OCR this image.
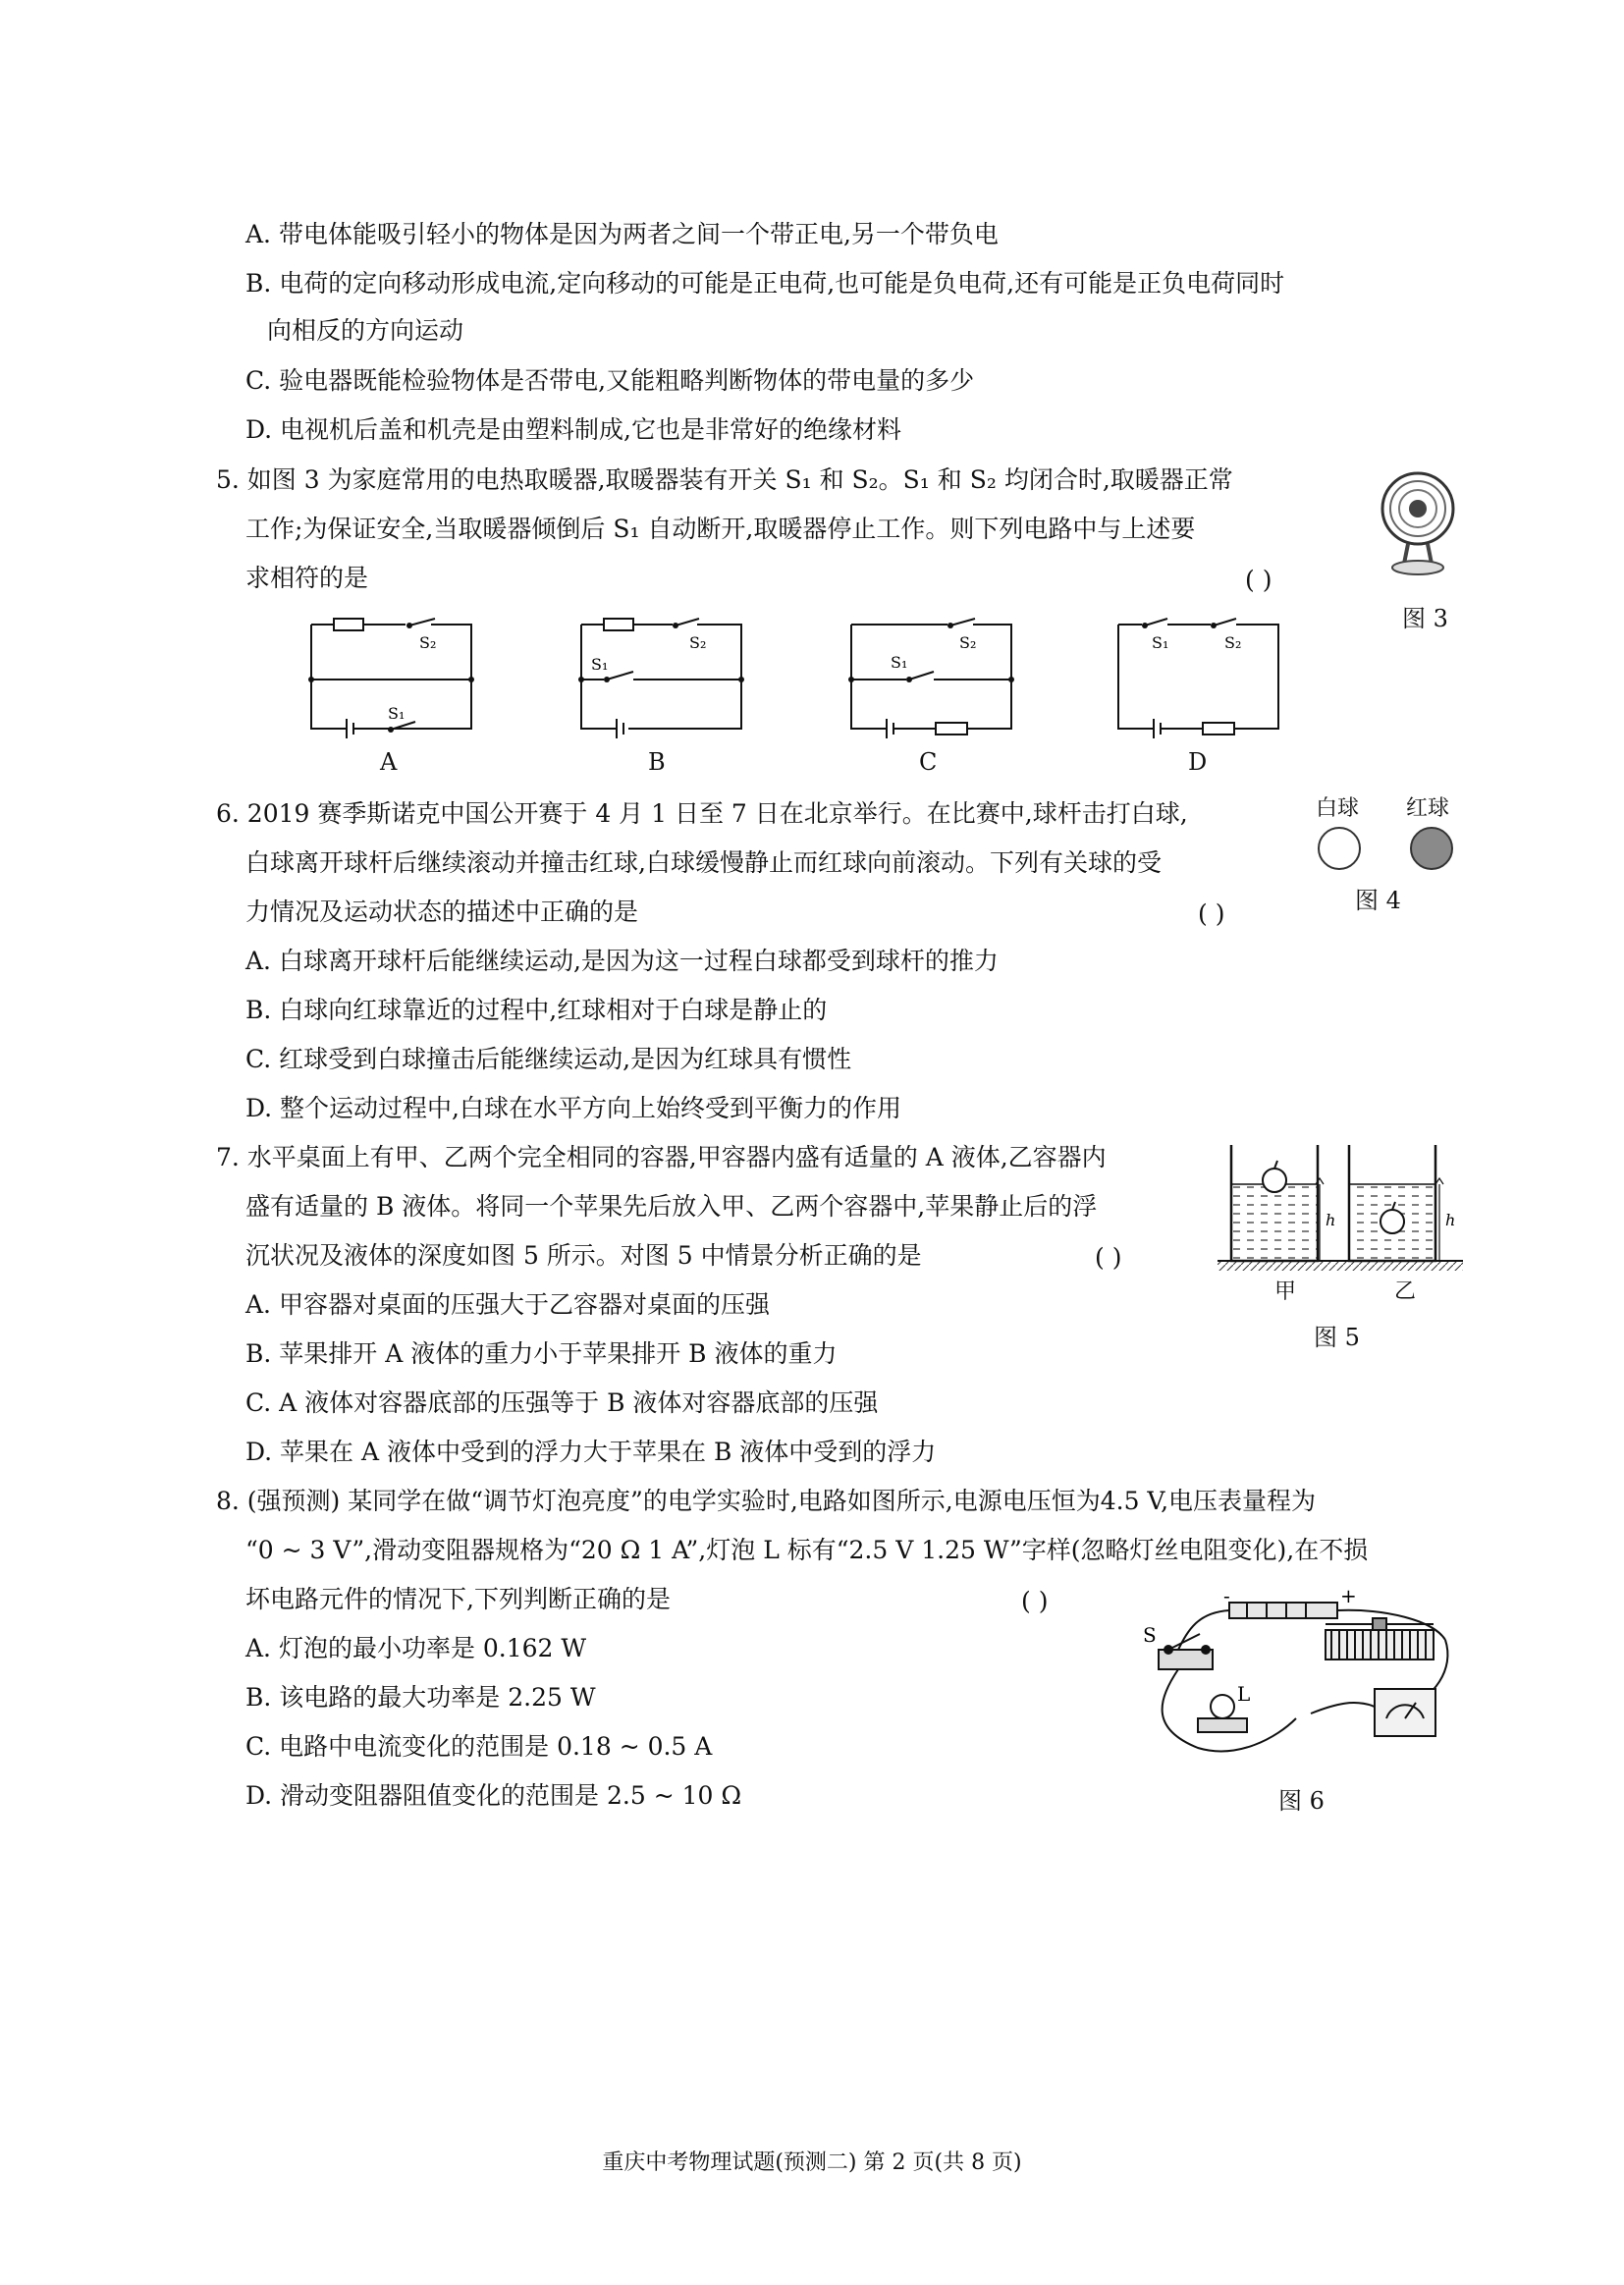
A. 带电体能吸引轻小的物体是因为两者之间一个带正电,另一个带负电
B. 电荷的定向移动形成电流,定向移动的可能是正电荷,也可能是负电荷,还有可能是正负电荷同时
向相反的方向运动
C. 验电器既能检验物体是否带电,又能粗略判断物体的带电量的多少
D. 电视机后盖和机壳是由塑料制成,它也是非常好的绝缘材料
5. 如图 3 为家庭常用的电热取暖器,取暖器装有开关 S₁ 和 S₂。S₁ 和 S₂ 均闭合时,取暖器正常
工作;为保证安全,当取暖器倾倒后 S₁ 自动断开,取暖器停止工作。则下列电路中与上述要
求相符的是	( )
图 3
S₂
S₁
A
S₂
S₁
B
S₂
S₁
C
S₁	S₂
D
6. 2019 赛季斯诺克中国公开赛于 4 月 1 日至 7 日在北京举行。在比赛中,球杆击打白球,
白球离开球杆后继续滚动并撞击红球,白球缓慢静止而红球向前滚动。下列有关球的受
力情况及运动状态的描述中正确的是	( )
A. 白球离开球杆后能继续运动,是因为这一过程白球都受到球杆的推力
B. 白球向红球靠近的过程中,红球相对于白球是静止的
C. 红球受到白球撞击后能继续运动,是因为红球具有惯性
D. 整个运动过程中,白球在水平方向上始终受到平衡力的作用
白球 红球
图 4
7. 水平桌面上有甲、乙两个完全相同的容器,甲容器内盛有适量的 A 液体,乙容器内
盛有适量的 B 液体。将同一个苹果先后放入甲、乙两个容器中,苹果静止后的浮
沉状况及液体的深度如图 5 所示。对图 5 中情景分析正确的是	( )
A. 甲容器对桌面的压强大于乙容器对桌面的压强
B. 苹果排开 A 液体的重力小于苹果排开 B 液体的重力
C. A 液体对容器底部的压强等于 B 液体对容器底部的压强
D. 苹果在 A 液体中受到的浮力大于苹果在 B 液体中受到的浮力
h	h
甲	乙
图 5
8. (强预测) 某同学在做“调节灯泡亮度”的电学实验时,电路如图所示,电源电压恒为4.5 V,电压表量程为
“0 ~ 3 V”,滑动变阻器规格为“20 Ω 1 A”,灯泡 L 标有“2.5 V 1.25 W”字样(忽略灯丝电阻变化),在不损
坏电路元件的情况下,下列判断正确的是	( )
A. 灯泡的最小功率是 0.162 W
B. 该电路的最大功率是 2.25 W
C. 电路中电流变化的范围是 0.18 ~ 0.5 A
D. 滑动变阻器阻值变化的范围是 2.5 ~ 10 Ω
-	+
S
L
图 6
重庆中考物理试题(预测二) 第 2 页(共 8 页)
